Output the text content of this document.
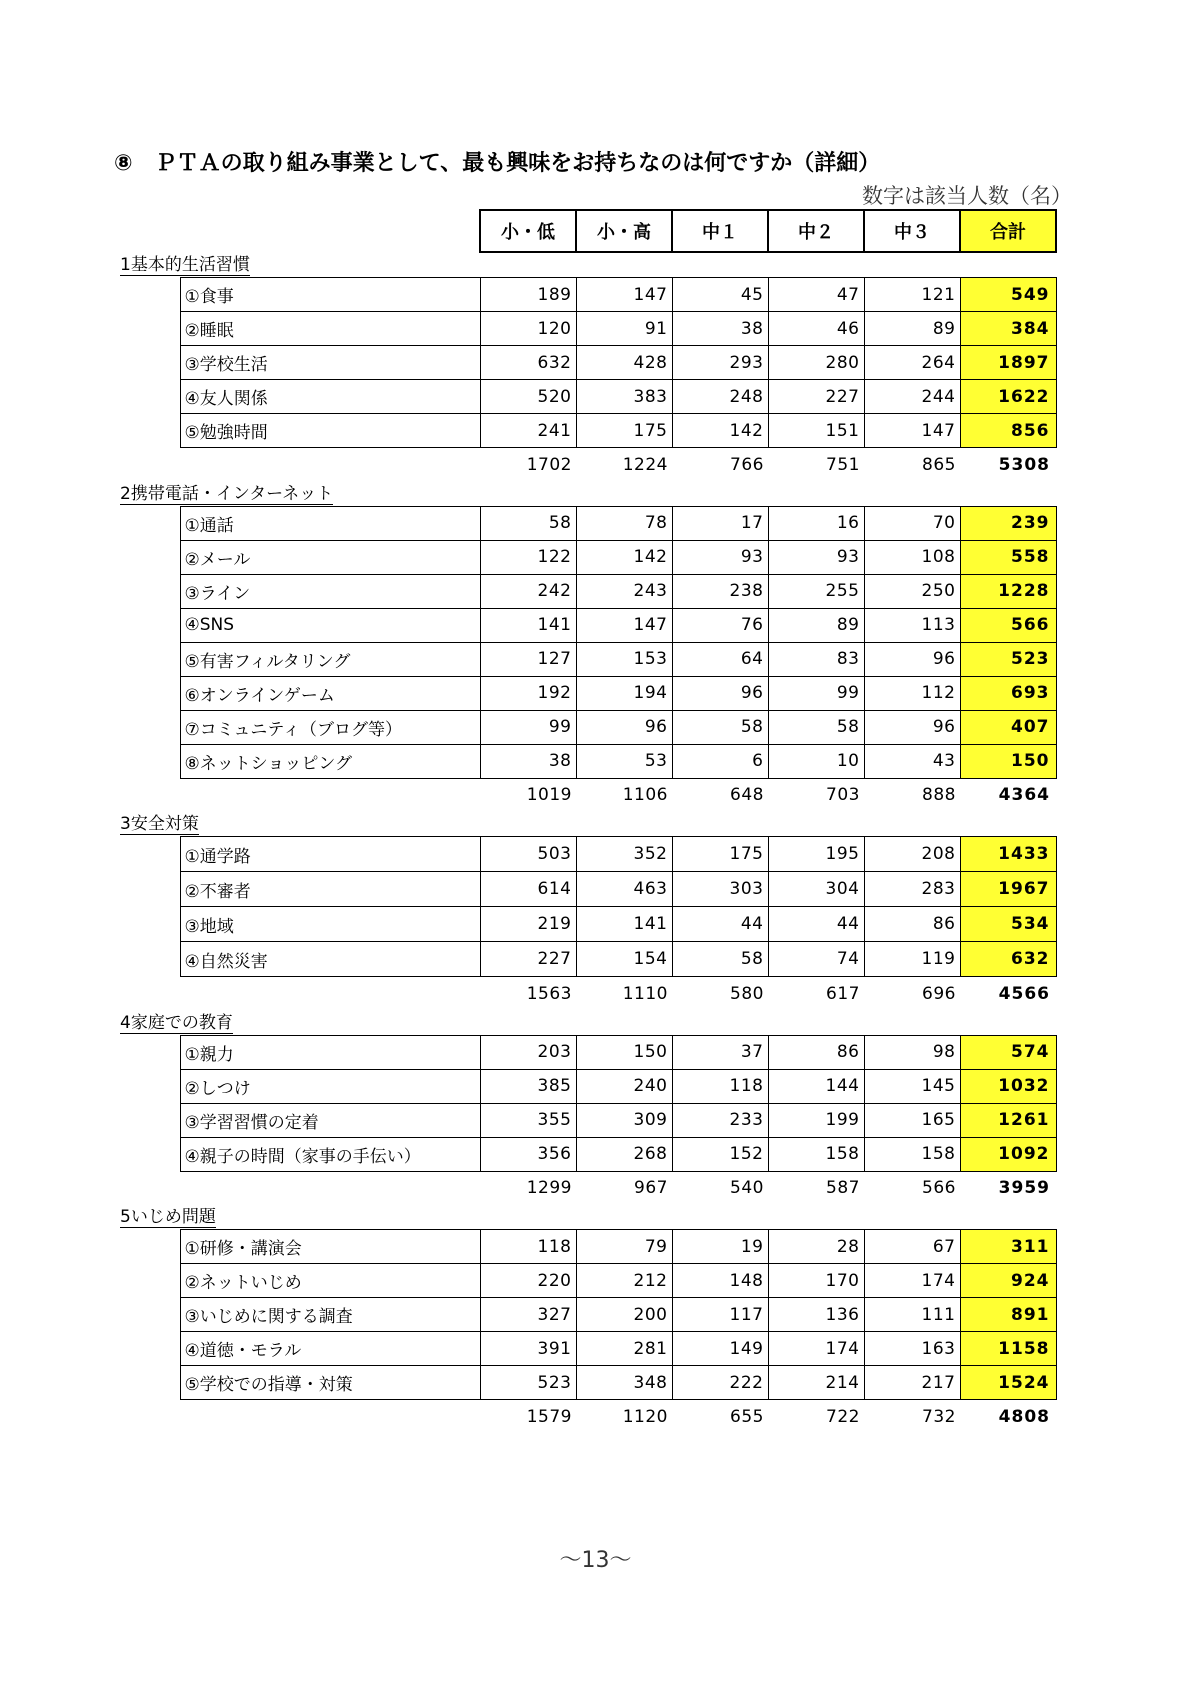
⑧　ＰＴＡの取り組み事業として、最も興味をお持ちなのは何ですか（詳細）
数字は該当人数（名）
		小・低	小・高	中１	中２	中３	合計
1基本的生活習慣
	①食事	189	147	45	47	121	549
	②睡眠	120	91	38	46	89	384
	③学校生活	632	428	293	280	264	1897
	④友人関係	520	383	248	227	244	1622
	⑤勉強時間	241	175	142	151	147	856
		1702	1224	766	751	865	5308
2携帯電話・インターネット
	①通話	58	78	17	16	70	239
	②メール	122	142	93	93	108	558
	③ライン	242	243	238	255	250	1228
	④SNS	141	147	76	89	113	566
	⑤有害フィルタリング	127	153	64	83	96	523
	⑥オンラインゲーム	192	194	96	99	112	693
	⑦コミュニティ（ブログ等）	99	96	58	58	96	407
	⑧ネットショッピング	38	53	6	10	43	150
		1019	1106	648	703	888	4364
3安全対策
	①通学路	503	352	175	195	208	1433
	②不審者	614	463	303	304	283	1967
	③地域	219	141	44	44	86	534
	④自然災害	227	154	58	74	119	632
		1563	1110	580	617	696	4566
4家庭での教育
	①親力	203	150	37	86	98	574
	②しつけ	385	240	118	144	145	1032
	③学習習慣の定着	355	309	233	199	165	1261
	④親子の時間（家事の手伝い）	356	268	152	158	158	1092
		1299	967	540	587	566	3959
5いじめ問題
	①研修・講演会	118	79	19	28	67	311
	②ネットいじめ	220	212	148	170	174	924
	③いじめに関する調査	327	200	117	136	111	891
	④道徳・モラル	391	281	149	174	163	1158
	⑤学校での指導・対策	523	348	222	214	217	1524
		1579	1120	655	722	732	4808
～13～
